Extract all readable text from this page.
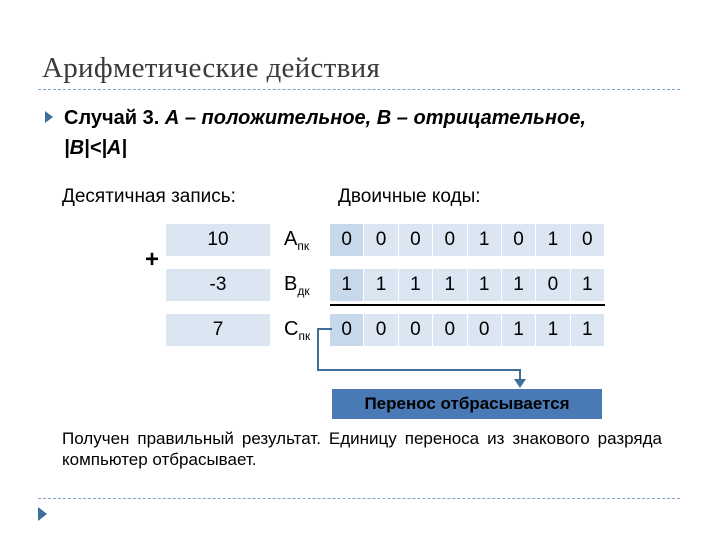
Арифметические действия
Случай 3. А – положительное, В – отрицательное,
|В|<|А|
Десятичная запись:	Двоичные коды:
+
10	$А_{пк}$	0	0	0	0	1	0	1	0
-3	$В_{дк}$	1	1	1	1	1	1	0	1
7	$С_{пк}$	0	0	0	0	0	1	1	1
Перенос отбрасывается
Получен правильный результат. Единицу переноса из знакового разряда компьютер отбрасывает.
